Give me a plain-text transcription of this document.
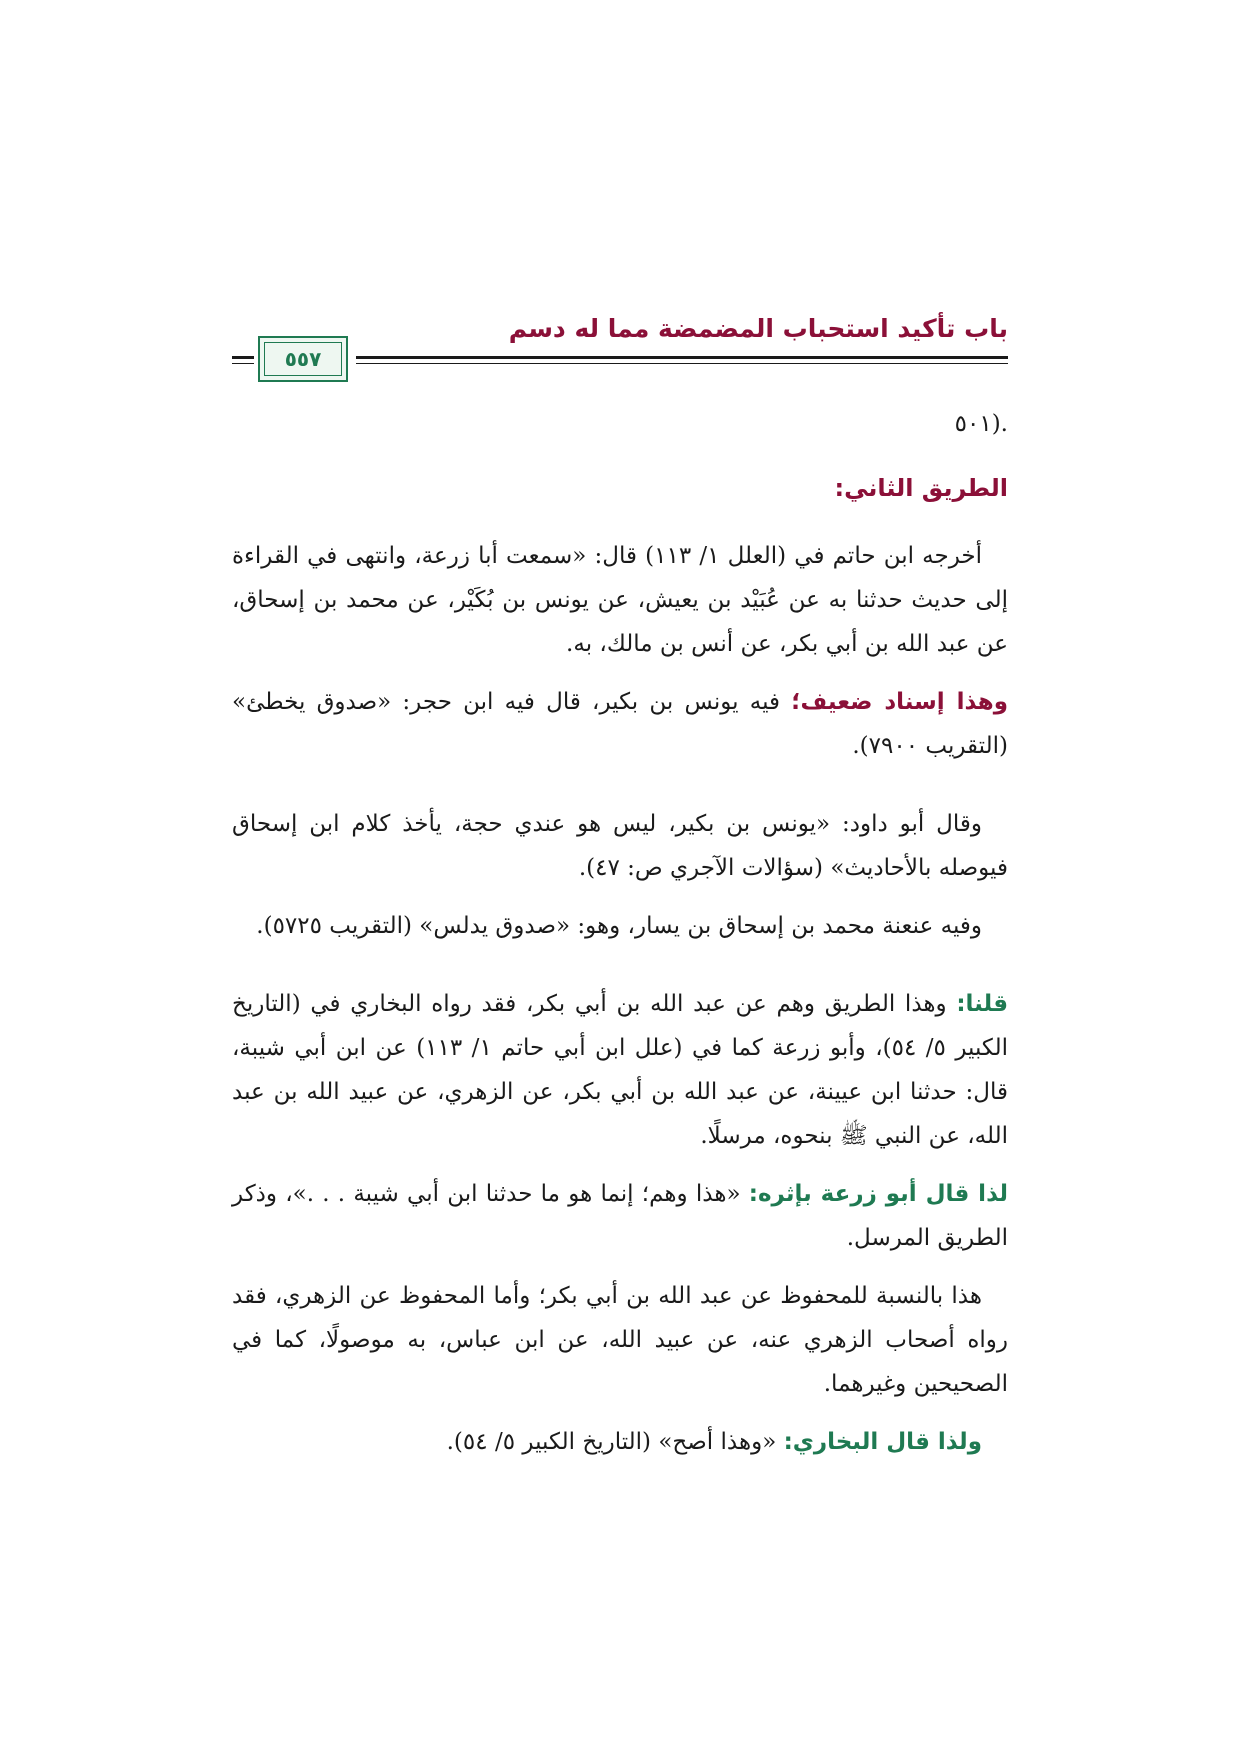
باب تأكيد استحباب المضمضة مما له دسم
٥٥٧

.(٥٠١

الطريق الثاني:

أخرجه ابن حاتم في (العلل ١/ ١١٣) قال: «سمعت أبا زرعة، وانتهى في القراءة إلى حديث حدثنا به عن عُبَيْد بن يعيش، عن يونس بن بُكَيْر، عن محمد بن إسحاق، عن عبد الله بن أبي بكر، عن أنس بن مالك، به.

وهذا إسناد ضعيف؛ فيه يونس بن بكير، قال فيه ابن حجر: «صدوق يخطئ» (التقريب ٧٩٠٠).

وقال أبو داود: «يونس بن بكير، ليس هو عندي حجة، يأخذ كلام ابن إسحاق فيوصله بالأحاديث» (سؤالات الآجري ص: ٤٧).

وفيه عنعنة محمد بن إسحاق بن يسار، وهو: «صدوق يدلس» (التقريب ٥٧٢٥).

قلنا: وهذا الطريق وهم عن عبد الله بن أبي بكر، فقد رواه البخاري في (التاريخ الكبير ٥/ ٥٤)، وأبو زرعة كما في (علل ابن أبي حاتم ١/ ١١٣) عن ابن أبي شيبة، قال: حدثنا ابن عيينة، عن عبد الله بن أبي بكر، عن الزهري، عن عبيد الله بن عبد الله، عن النبي ﷺ بنحوه، مرسلًا.

لذا قال أبو زرعة بإثره: «هذا وهم؛ إنما هو ما حدثنا ابن أبي شيبة . . .»، وذكر الطريق المرسل.

هذا بالنسبة للمحفوظ عن عبد الله بن أبي بكر؛ وأما المحفوظ عن الزهري، فقد رواه أصحاب الزهري عنه، عن عبيد الله، عن ابن عباس، به موصولًا، كما في الصحيحين وغيرهما.

ولذا قال البخاري: «وهذا أصح» (التاريخ الكبير ٥/ ٥٤).
